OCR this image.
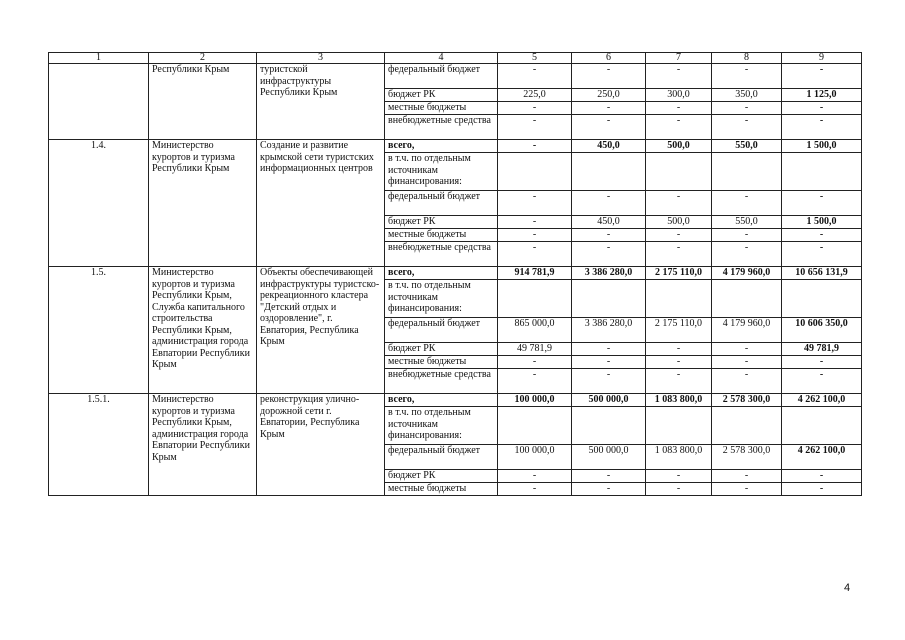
1	2	3	4	5	6	7	8	9
	Республики Крым	туристской инфраструктуры Республики Крым	федеральный бюджет	-	-	-	-	-
			бюджет РК	225,0	250,0	300,0	350,0	1 125,0
			местные бюджеты	-	-	-	-	-
			внебюджетные средства	-	-	-	-	-
1.4.	Министерство курортов и туризма Республики Крым	Создание и развитие крымской сети туристских информационных центров	всего,	-	450,0	500,0	550,0	1 500,0
			в т.ч. по отдельным источникам финансирования:					
			федеральный бюджет	-	-	-	-	-
			бюджет РК	-	450,0	500,0	550,0	1 500,0
			местные бюджеты	-	-	-	-	-
			внебюджетные средства	-	-	-	-	-
1.5.	Министерство курортов и туризма Республики Крым, Служба капитального строительства Республики Крым, администрация города Евпатории Республики Крым	Объекты обеспечивающей инфраструктуры туристско-рекреационного кластера "Детский отдых и оздоровление", г. Евпатория, Республика Крым	всего,	914 781,9	3 386 280,0	2 175 110,0	4 179 960,0	10 656 131,9
			в т.ч. по отдельным источникам финансирования:					
			федеральный бюджет	865 000,0	3 386 280,0	2 175 110,0	4 179 960,0	10 606 350,0
			бюджет РК	49 781,9	-	-	-	49 781,9
			местные бюджеты	-	-	-	-	-
			внебюджетные средства	-	-	-	-	-
1.5.1.	Министерство курортов и туризма Республики Крым, администрация города Евпатории Республики Крым	реконструкция улично-дорожной сети г. Евпатории, Республика Крым	всего,	100 000,0	500 000,0	1 083 800,0	2 578 300,0	4 262 100,0
			в т.ч. по отдельным источникам финансирования:					
			федеральный бюджет	100 000,0	500 000,0	1 083 800,0	2 578 300,0	4 262 100,0
			бюджет РК	-	-	-	-	-
			местные бюджеты	-	-	-	-	-
4
